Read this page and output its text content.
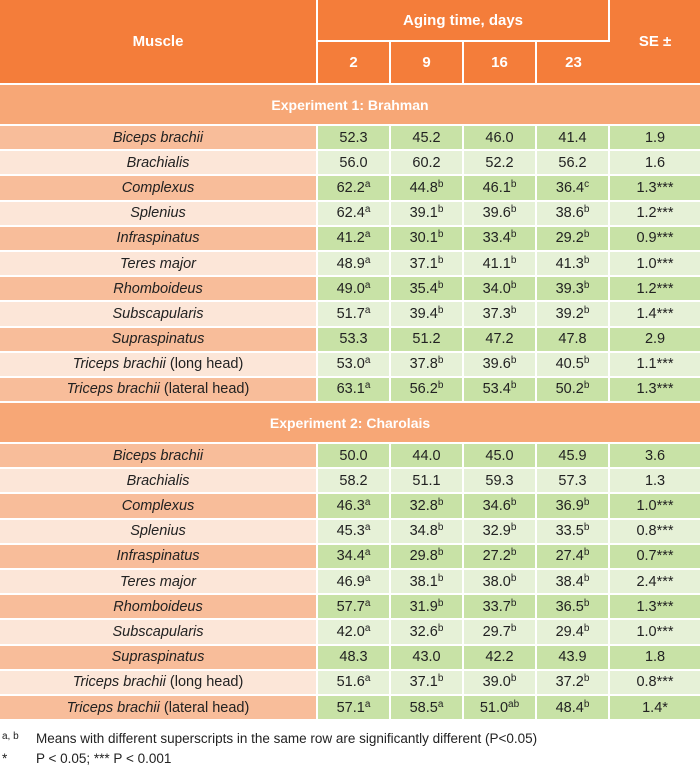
Muscle	Aging time, days				SE ±
	2	9	16	23	
Experiment 1: Brahman					
Biceps brachii	52.3	45.2	46.0	41.4	1.9
Brachialis	56.0	60.2	52.2	56.2	1.6
Complexus	62.2$^a$	44.8$^b$	46.1$^b$	36.4$^c$	1.3***
Splenius	62.4$^a$	39.1$^b$	39.6$^b$	38.6$^b$	1.2***
Infraspinatus	41.2$^a$	30.1$^b$	33.4$^b$	29.2$^b$	0.9***
Teres major	48.9$^a$	37.1$^b$	41.1$^b$	41.3$^b$	1.0***
Rhomboideus	49.0$^a$	35.4$^b$	34.0$^b$	39.3$^b$	1.2***
Subscapularis	51.7$^a$	39.4$^b$	37.3$^b$	39.2$^b$	1.4***
Supraspinatus	53.3	51.2	47.2	47.8	2.9
Triceps brachii (long head)	53.0$^a$	37.8$^b$	39.6$^b$	40.5$^b$	1.1***
Triceps brachii (lateral head)	63.1$^a$	56.2$^b$	53.4$^b$	50.2$^b$	1.3***
Experiment 2: Charolais					
Biceps brachii	50.0	44.0	45.0	45.9	3.6
Brachialis	58.2	51.1	59.3	57.3	1.3
Complexus	46.3$^a$	32.8$^b$	34.6$^b$	36.9$^b$	1.0***
Splenius	45.3$^a$	34.8$^b$	32.9$^b$	33.5$^b$	0.8***
Infraspinatus	34.4$^a$	29.8$^b$	27.2$^b$	27.4$^b$	0.7***
Teres major	46.9$^a$	38.1$^b$	38.0$^b$	38.4$^b$	2.4***
Rhomboideus	57.7$^a$	31.9$^b$	33.7$^b$	36.5$^b$	1.3***
Subscapularis	42.0$^a$	32.6$^b$	29.7$^b$	29.4$^b$	1.0***
Supraspinatus	48.3	43.0	42.2	43.9	1.8
Triceps brachii (long head)	51.6$^a$	37.1$^b$	39.0$^b$	37.2$^b$	0.8***
Triceps brachii (lateral head)	57.1$^a$	58.5$^a$	51.0$^{ab}$	48.4$^b$	1.4*
$^{a, b}$	Means with different superscripts in the same row are significantly different (P<0.05)
*	P < 0.05; *** P < 0.001
